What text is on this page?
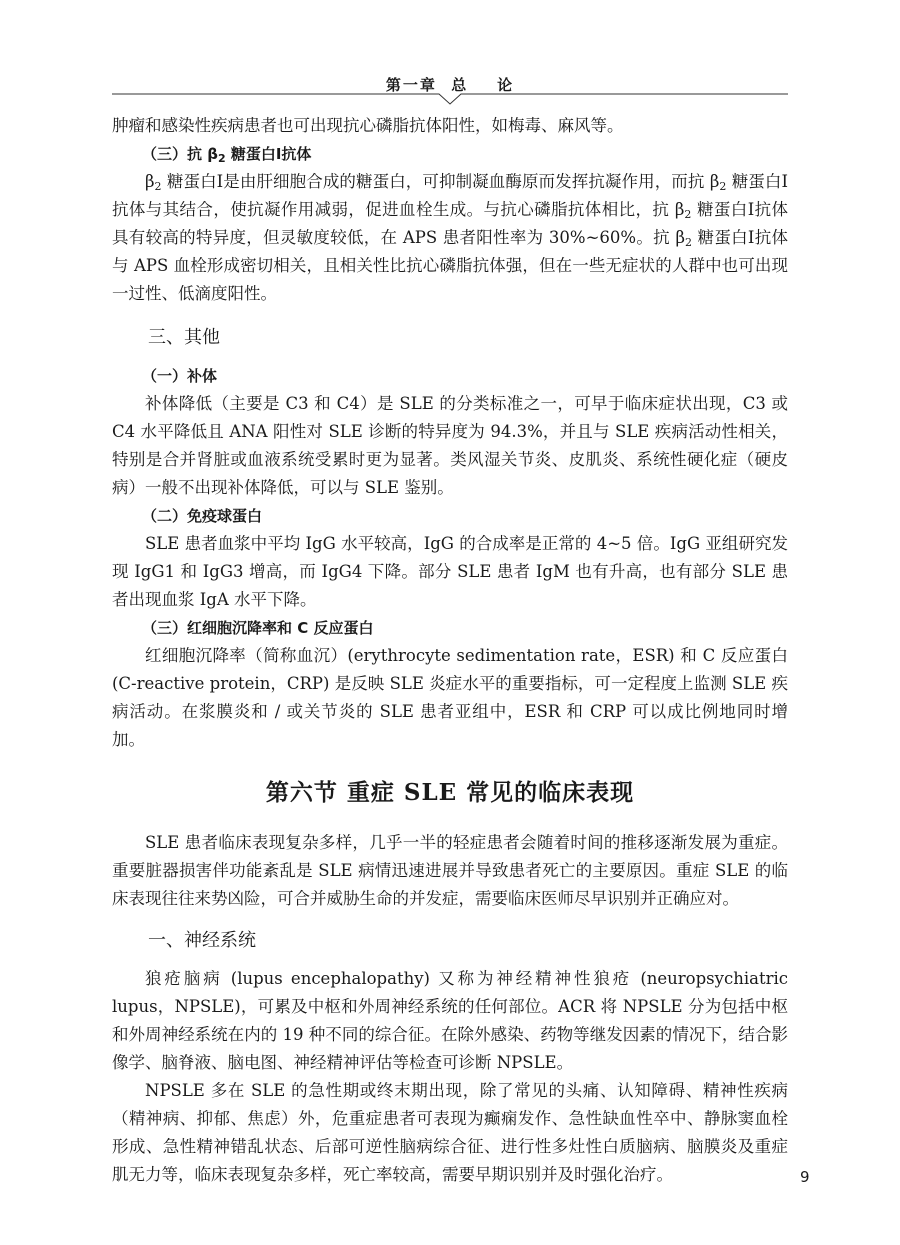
第一章  总    论

肿瘤和感染性疾病患者也可出现抗心磷脂抗体阳性，如梅毒、麻风等。

（三）抗 $\beta_2$ 糖蛋白Ⅰ抗体

$\beta_2$ 糖蛋白Ⅰ是由肝细胞合成的糖蛋白，可抑制凝血酶原而发挥抗凝作用，而抗 $\beta_2$ 糖蛋白Ⅰ抗体与其结合，使抗凝作用减弱，促进血栓生成。与抗心磷脂抗体相比，抗 $\beta_2$ 糖蛋白Ⅰ抗体具有较高的特异度，但灵敏度较低，在 APS 患者阳性率为 30%~60%。抗 $\beta_2$ 糖蛋白Ⅰ抗体与 APS 血栓形成密切相关，且相关性比抗心磷脂抗体强，但在一些无症状的人群中也可出现一过性、低滴度阳性。

三、其他
（一）补体

补体降低（主要是 C3 和 C4）是 SLE 的分类标准之一，可早于临床症状出现，C3 或 C4 水平降低且 ANA 阳性对 SLE 诊断的特异度为 94.3%，并且与 SLE 疾病活动性相关，特别是合并肾脏或血液系统受累时更为显著。类风湿关节炎、皮肌炎、系统性硬化症（硬皮病）一般不出现补体降低，可以与 SLE 鉴别。

（二）免疫球蛋白

SLE 患者血浆中平均 IgG 水平较高，IgG 的合成率是正常的 4~5 倍。IgG 亚组研究发现 IgG1 和 IgG3 增高，而 IgG4 下降。部分 SLE 患者 IgM 也有升高，也有部分 SLE 患者出现血浆 IgA 水平下降。

（三）红细胞沉降率和 C 反应蛋白

红细胞沉降率（简称血沉）(erythrocyte sedimentation rate，ESR) 和 C 反应蛋白 (C-reactive protein，CRP) 是反映 SLE 炎症水平的重要指标，可一定程度上监测 SLE 疾病活动。在浆膜炎和 / 或关节炎的 SLE 患者亚组中，ESR 和 CRP 可以成比例地同时增加。

第六节 重症 SLE 常见的临床表现

SLE 患者临床表现复杂多样，几乎一半的轻症患者会随着时间的推移逐渐发展为重症。重要脏器损害伴功能紊乱是 SLE 病情迅速进展并导致患者死亡的主要原因。重症 SLE 的临床表现往往来势凶险，可合并威胁生命的并发症，需要临床医师尽早识别并正确应对。

一、神经系统

狼疮脑病 (lupus encephalopathy) 又称为神经精神性狼疮 (neuropsychiatric lupus，NPSLE)，可累及中枢和外周神经系统的任何部位。ACR 将 NPSLE 分为包括中枢和外周神经系统在内的 19 种不同的综合征。在除外感染、药物等继发因素的情况下，结合影像学、脑脊液、脑电图、神经精神评估等检查可诊断 NPSLE。

NPSLE 多在 SLE 的急性期或终末期出现，除了常见的头痛、认知障碍、精神性疾病（精神病、抑郁、焦虑）外，危重症患者可表现为癫痫发作、急性缺血性卒中、静脉窦血栓形成、急性精神错乱状态、后部可逆性脑病综合征、进行性多灶性白质脑病、脑膜炎及重症肌无力等，临床表现复杂多样，死亡率较高，需要早期识别并及时强化治疗。	9
